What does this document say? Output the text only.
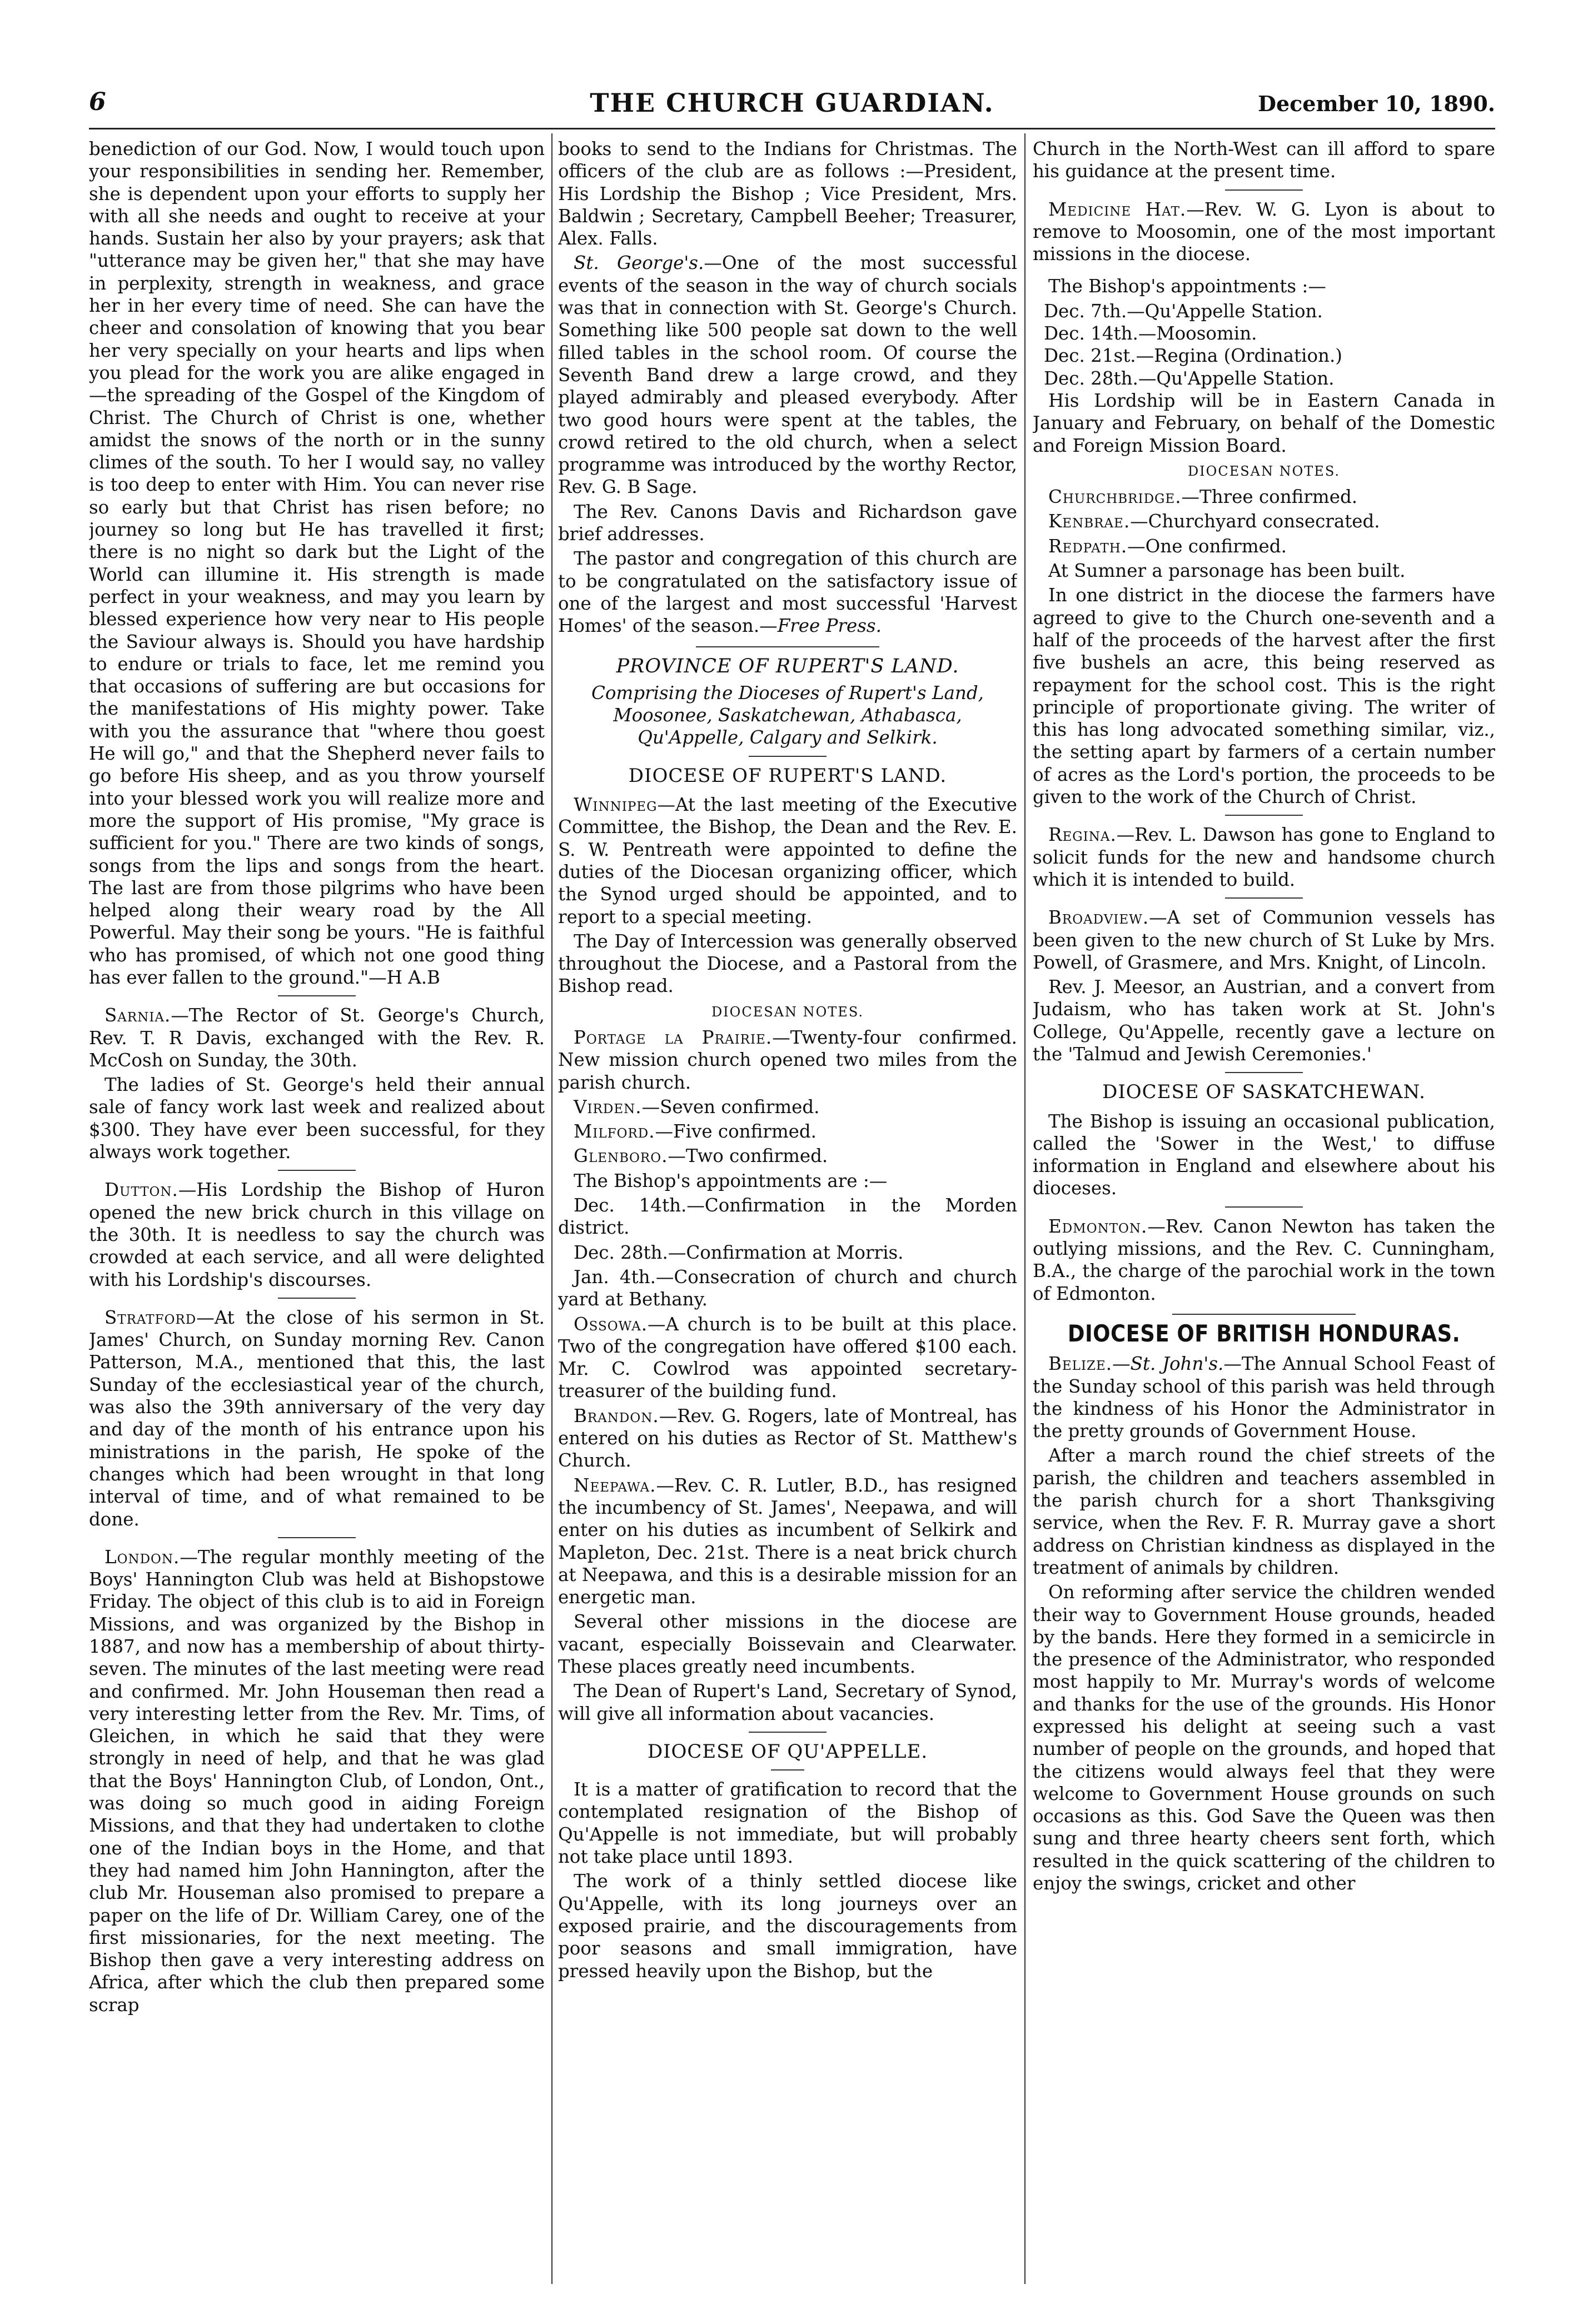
6	THE CHURCH GUARDIAN.	December 10, 1890.

benediction of our God. Now, I would touch upon your responsibilities in sending her. Remember, she is dependent upon your efforts to supply her with all she needs and ought to receive at your hands. Sustain her also by your prayers; ask that "utterance may be given her," that she may have in perplexity, strength in weakness, and grace her in her every time of need. She can have the cheer and consolation of knowing that you bear her very specially on your hearts and lips when you plead for the work you are alike engaged in—the spreading of the Gospel of the Kingdom of Christ. The Church of Christ is one, whether amidst the snows of the north or in the sunny climes of the south. To her I would say, no valley is too deep to enter with Him. You can never rise so early but that Christ has risen before; no journey so long but He has travelled it first; there is no night so dark but the Light of the World can illumine it. His strength is made perfect in your weakness, and may you learn by blessed experience how very near to His people the Saviour always is. Should you have hardship to endure or trials to face, let me remind you that occasions of suffering are but occasions for the manifestations of His mighty power. Take with you the assurance that "where thou goest He will go," and that the Shepherd never fails to go before His sheep, and as you throw yourself into your blessed work you will realize more and more the support of His promise, "My grace is sufficient for you." There are two kinds of songs, songs from the lips and songs from the heart. The last are from those pilgrims who have been helped along their weary road by the All Powerful. May their song be yours. "He is faithful who has promised, of which not one good thing has ever fallen to the ground."—H A.B

Sarnia.—The Rector of St. George's Church, Rev. T. R Davis, exchanged with the Rev. R. McCosh on Sunday, the 30th.

The ladies of St. George's held their annual sale of fancy work last week and realized about $300. They have ever been successful, for they always work together.

Dutton.—His Lordship the Bishop of Huron opened the new brick church in this village on the 30th. It is needless to say the church was crowded at each service, and all were delighted with his Lordship's discourses.

Stratford—At the close of his sermon in St. James' Church, on Sunday morning Rev. Canon Patterson, M.A., mentioned that this, the last Sunday of the ecclesiastical year of the church, was also the 39th anniversary of the very day and day of the month of his entrance upon his ministrations in the parish, He spoke of the changes which had been wrought in that long interval of time, and of what remained to be done.

London.—The regular monthly meeting of the Boys' Hannington Club was held at Bishopstowe Friday. The object of this club is to aid in Foreign Missions, and was organized by the Bishop in 1887, and now has a membership of about thirty-seven. The minutes of the last meeting were read and confirmed. Mr. John Houseman then read a very interesting letter from the Rev. Mr. Tims, of Gleichen, in which he said that they were strongly in need of help, and that he was glad that the Boys' Hannington Club, of London, Ont., was doing so much good in aiding Foreign Missions, and that they had undertaken to clothe one of the Indian boys in the Home, and that they had named him John Hannington, after the club Mr. Houseman also promised to prepare a paper on the life of Dr. William Carey, one of the first missionaries, for the next meeting. The Bishop then gave a very interesting address on Africa, after which the club then prepared some scrap

books to send to the Indians for Christmas. The officers of the club are as follows :—President, His Lordship the Bishop ; Vice President, Mrs. Baldwin ; Secretary, Campbell Beeher; Treasurer, Alex. Falls.

St. George's.—One of the most successful events of the season in the way of church socials was that in connection with St. George's Church. Something like 500 people sat down to the well filled tables in the school room. Of course the Seventh Band drew a large crowd, and they played admirably and pleased everybody. After two good hours were spent at the tables, the crowd retired to the old church, when a select programme was introduced by the worthy Rector, Rev. G. B Sage.

The Rev. Canons Davis and Richardson gave brief addresses.

The pastor and congregation of this church are to be congratulated on the satisfactory issue of one of the largest and most successful 'Harvest Homes' of the season.—Free Press.

PROVINCE OF RUPERT'S LAND.
Comprising the Dioceses of Rupert's Land, Moosonee, Saskatchewan, Athabasca, Qu'Appelle, Calgary and Selkirk.
DIOCESE OF RUPERT'S LAND.

Winnipeg—At the last meeting of the Executive Committee, the Bishop, the Dean and the Rev. E. S. W. Pentreath were appointed to define the duties of the Diocesan organizing officer, which the Synod urged should be appointed, and to report to a special meeting.

The Day of Intercession was generally observed throughout the Diocese, and a Pastoral from the Bishop read.

DIOCESAN NOTES.

Portage la Prairie.—Twenty-four confirmed. New mission church opened two miles from the parish church.

Virden.—Seven confirmed.

Milford.—Five confirmed.

Glenb⁠oro.—Two confirmed.

The Bishop's appointments are :—

Dec. 14th.—Confirmation in the Morden district.

Dec. 28th.—Confirmation at Morris.

Jan. 4th.—Consecration of church and church yard at Bethany.

Ossowa.—A church is to be built at this place. Two of the congregation have offered $100 each. Mr. C. Cowlrod was appointed secretary-treasurer of the building fund.

Brandon.—Rev. G. Rogers, late of Montreal, has entered on his duties as Rector of St. Matthew's Church.

Neepawa.—Rev. C. R. Lutler, B.D., has resigned the incumbency of St. James', Neepawa, and will enter on his duties as incumbent of Selkirk and Mapleton, Dec. 21st. There is a neat brick church at Neepawa, and this is a desirable mission for an energetic man.

Several other missions in the diocese are vacant, especially Boissevain and Clearwater. These places greatly need incumbents.

The Dean of Rupert's Land, Secretary of Synod, will give all information about vacancies.

DIOCESE OF QU'APPELLE.

It is a matter of gratification to record that the contemplated resignation of the Bishop of Qu'Appelle is not immediate, but will probably not take place until 1893.

The work of a thinly settled diocese like Qu'Appelle, with its long journeys over an exposed prairie, and the discouragements from poor seasons and small immigration, have pressed heavily upon the Bishop, but the

Church in the North-West can ill afford to spare his guidance at the present time.

Medicine Hat.—Rev. W. G. Lyon is about to remove to Moosomin, one of the most important missions in the diocese.

The Bishop's appointments :—

Dec. 7th.—Qu'Appelle Station.

Dec. 14th.—Moosomin.

Dec. 21st.—Regina (Ordination.)

Dec. 28th.—Qu'Appelle Station.

His Lordship will be in Eastern Canada in January and February, on behalf of the Domestic and Foreign Mission Board.

DIOCESAN NOTES.

Churchbridge.—Three confirmed.

Kenbrae.—Churchyard consecrated.

Redpath.—One confirmed.

At Sumner a parsonage has been built.

In one district in the diocese the farmers have agreed to give to the Church one-seventh and a half of the proceeds of the harvest after the first five bushels an acre, this being reserved as repayment for the school cost. This is the right principle of proportionate giving. The writer of this has long advocated something similar, viz., the setting apart by farmers of a certain number of acres as the Lord's portion, the proceeds to be given to the work of the Church of Christ.

Regina.—Rev. L. Dawson has gone to England to solicit funds for the new and handsome church which it is intended to build.

Broadview.—A set of Communion vessels has been given to the new church of St Luke by Mrs. Powell, of Grasmere, and Mrs. Knight, of Lincoln.

Rev. J. Meesor, an Austrian, and a convert from Judaism, who has taken work at St. John's College, Qu'Appelle, recently gave a lecture on the 'Talmud and Jewish Ceremonies.'

DIOCESE OF SASKATCHEWAN.

The Bishop is issuing an occasional publication, called the 'Sower in the West,' to diffuse information in England and elsewhere about his dioceses.

Edmonton.—Rev. Canon Newton has taken the outlying missions, and the Rev. C. Cunningham, B.A., the charge of the parochial work in the town of Edmonton.

DIOCESE OF BRITISH HONDURAS.

Belize.—St. John's.—The Annual School Feast of the Sunday school of this parish was held through the kindness of his Honor the Administrator in the pretty grounds of Government House.

After a march round the chief streets of the parish, the children and teachers assembled in the parish church for a short Thanksgiving service, when the Rev. F. R. Murray gave a short address on Christian kindness as displayed in the treatment of animals by children.

On reforming after service the children wended their way to Government House grounds, headed by the bands. Here they formed in a semicircle in the presence of the Administrator, who responded most happily to Mr. Murray's words of welcome and thanks for the use of the grounds. His Honor expressed his delight at seeing such a vast number of people on the grounds, and hoped that the citizens would always feel that they were welcome to Government House grounds on such occasions as this. God Save the Queen was then sung and three hearty cheers sent forth, which resulted in the quick scattering of the children to enjoy the swings, cricket and other
